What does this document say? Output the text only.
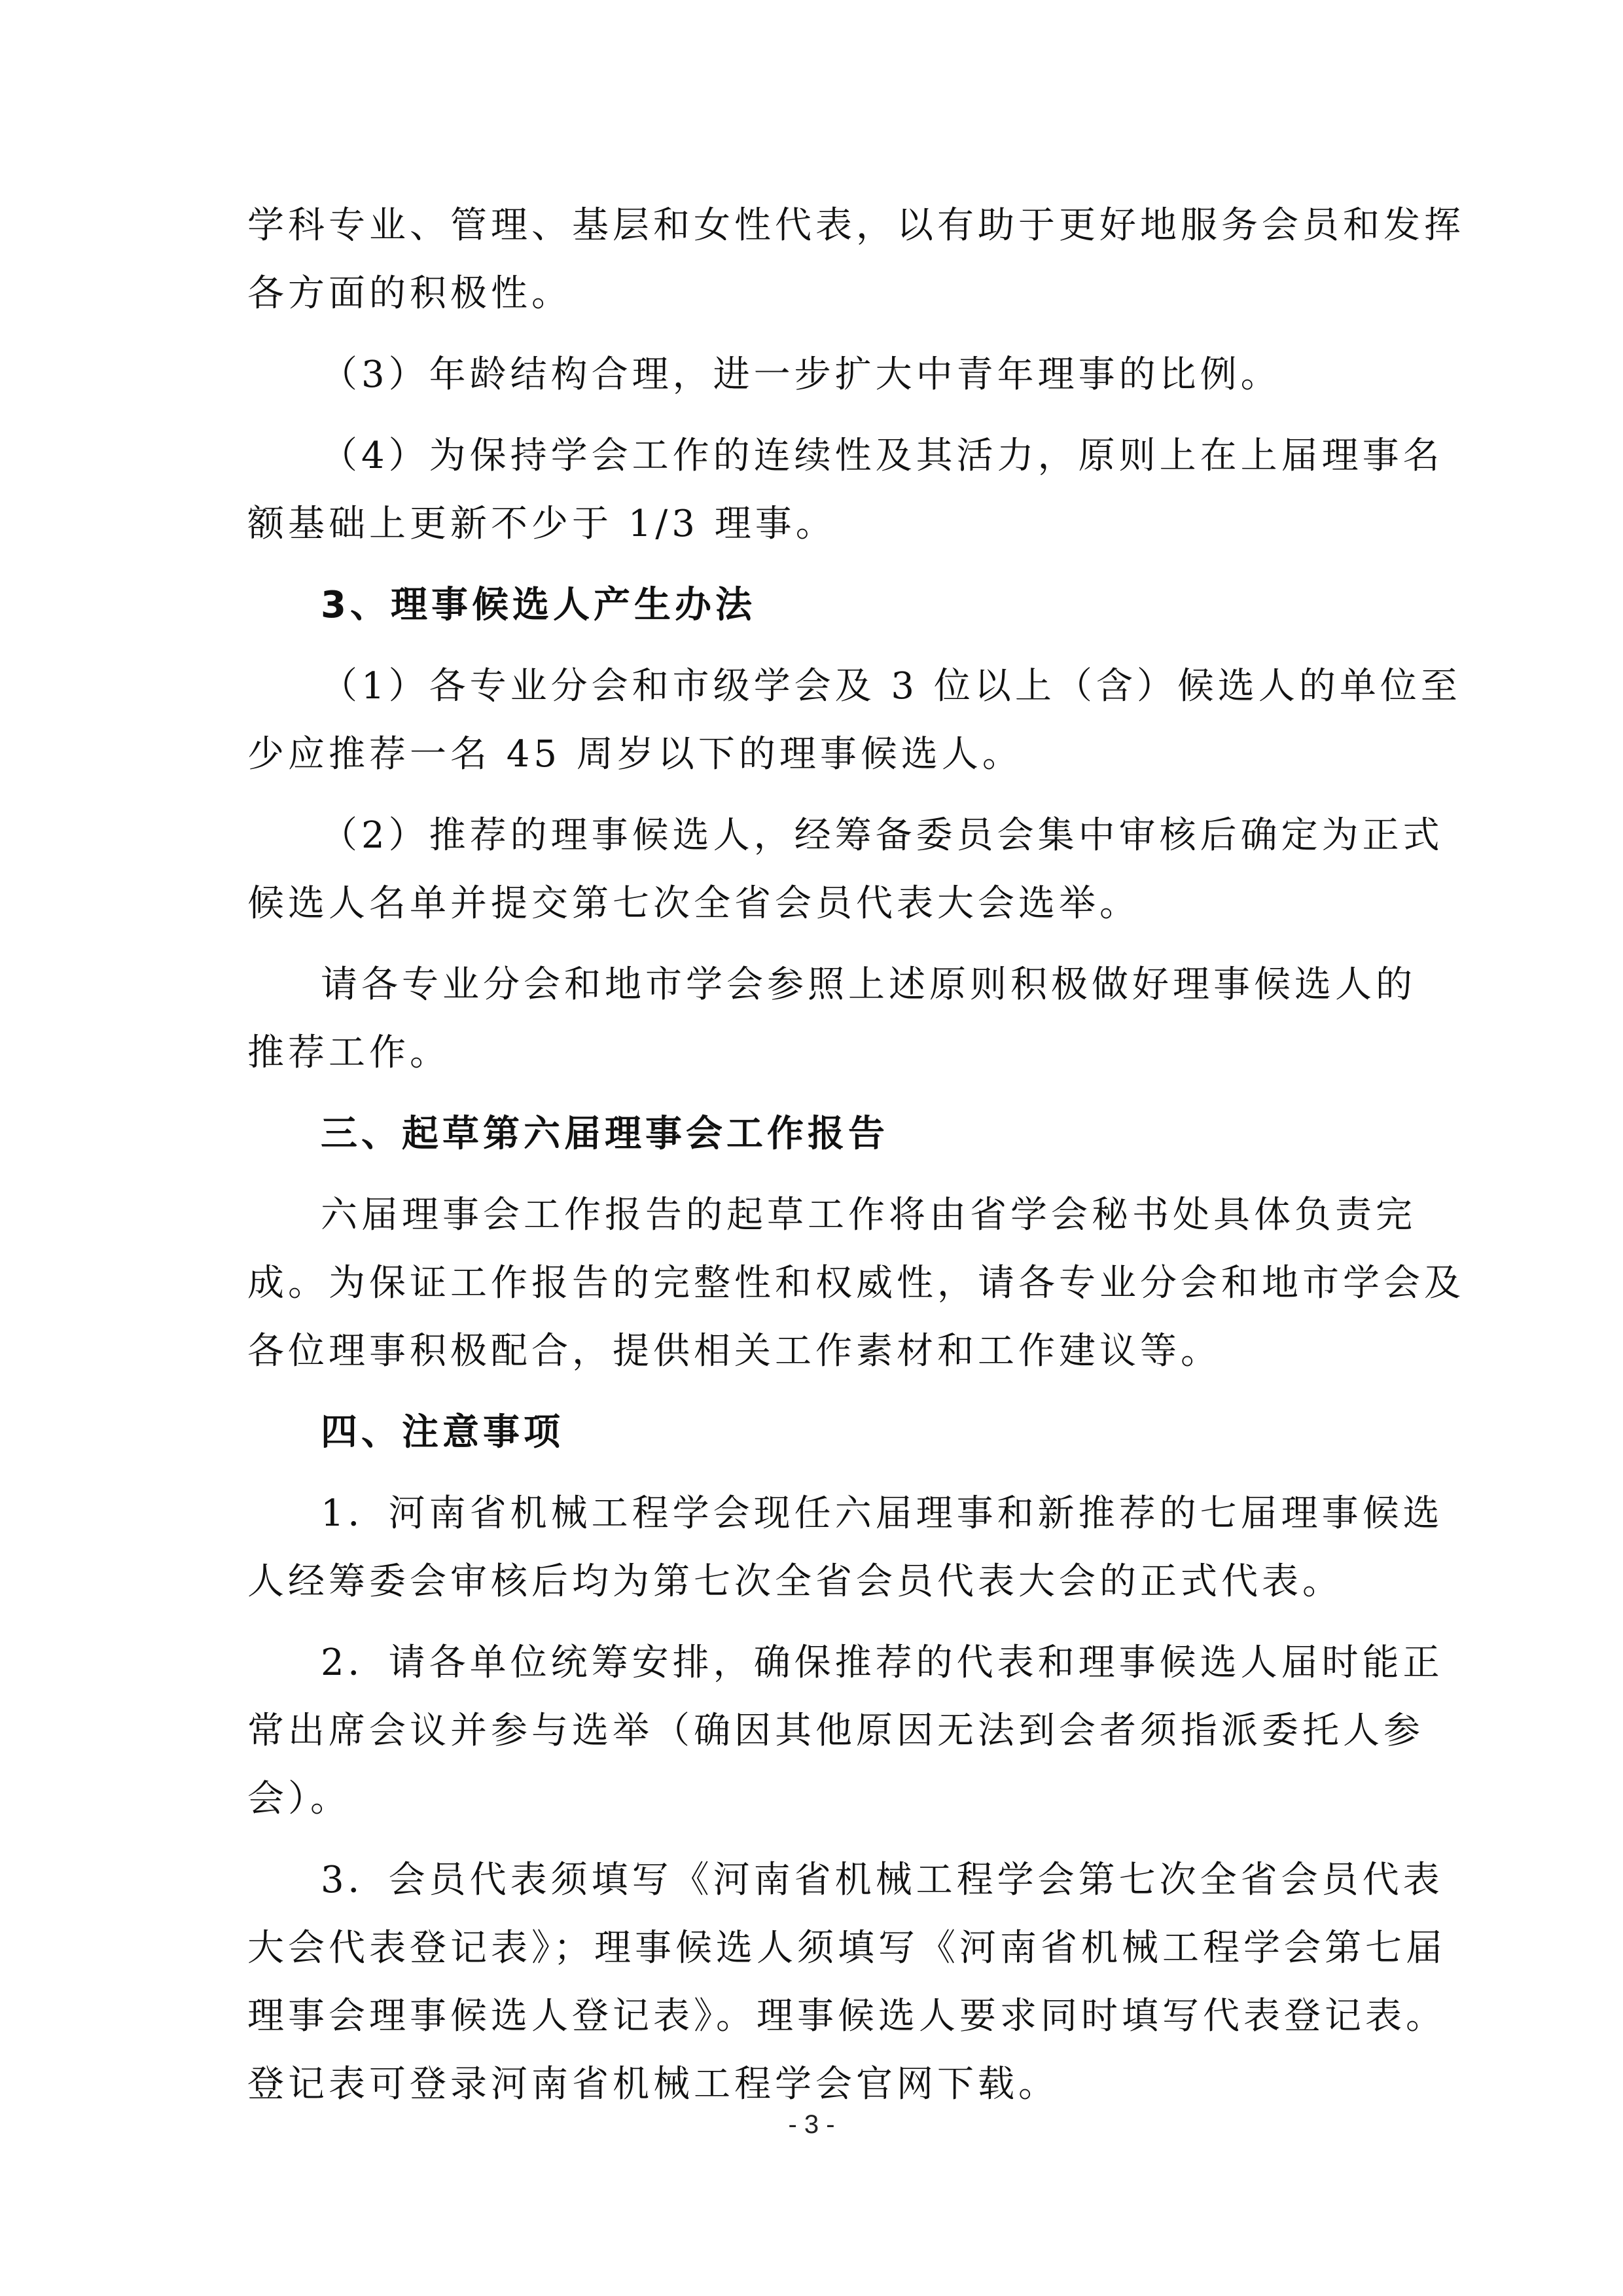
学科专业、管理、基层和女性代表，以有助于更好地服务会员和发挥
各方面的积极性。
（3）年龄结构合理，进一步扩大中青年理事的比例。
（4）为保持学会工作的连续性及其活力，原则上在上届理事名
额基础上更新不少于 1/3 理事。
3、理事候选人产生办法
（1）各专业分会和市级学会及 3 位以上（含）候选人的单位至
少应推荐一名 45 周岁以下的理事候选人。
（2）推荐的理事候选人，经筹备委员会集中审核后确定为正式
候选人名单并提交第七次全省会员代表大会选举。
请各专业分会和地市学会参照上述原则积极做好理事候选人的
推荐工作。
三、起草第六届理事会工作报告
六届理事会工作报告的起草工作将由省学会秘书处具体负责完
成。为保证工作报告的完整性和权威性，请各专业分会和地市学会及
各位理事积极配合，提供相关工作素材和工作建议等。
四、注意事项
1．河南省机械工程学会现任六届理事和新推荐的七届理事候选
人经筹委会审核后均为第七次全省会员代表大会的正式代表。
2．请各单位统筹安排，确保推荐的代表和理事候选人届时能正
常出席会议并参与选举（确因其他原因无法到会者须指派委托人参
会）。
3．会员代表须填写《河南省机械工程学会第七次全省会员代表
大会代表登记表》；理事候选人须填写《河南省机械工程学会第七届
理事会理事候选人登记表》。理事候选人要求同时填写代表登记表。
登记表可登录河南省机械工程学会官网下载。
- 3 -
